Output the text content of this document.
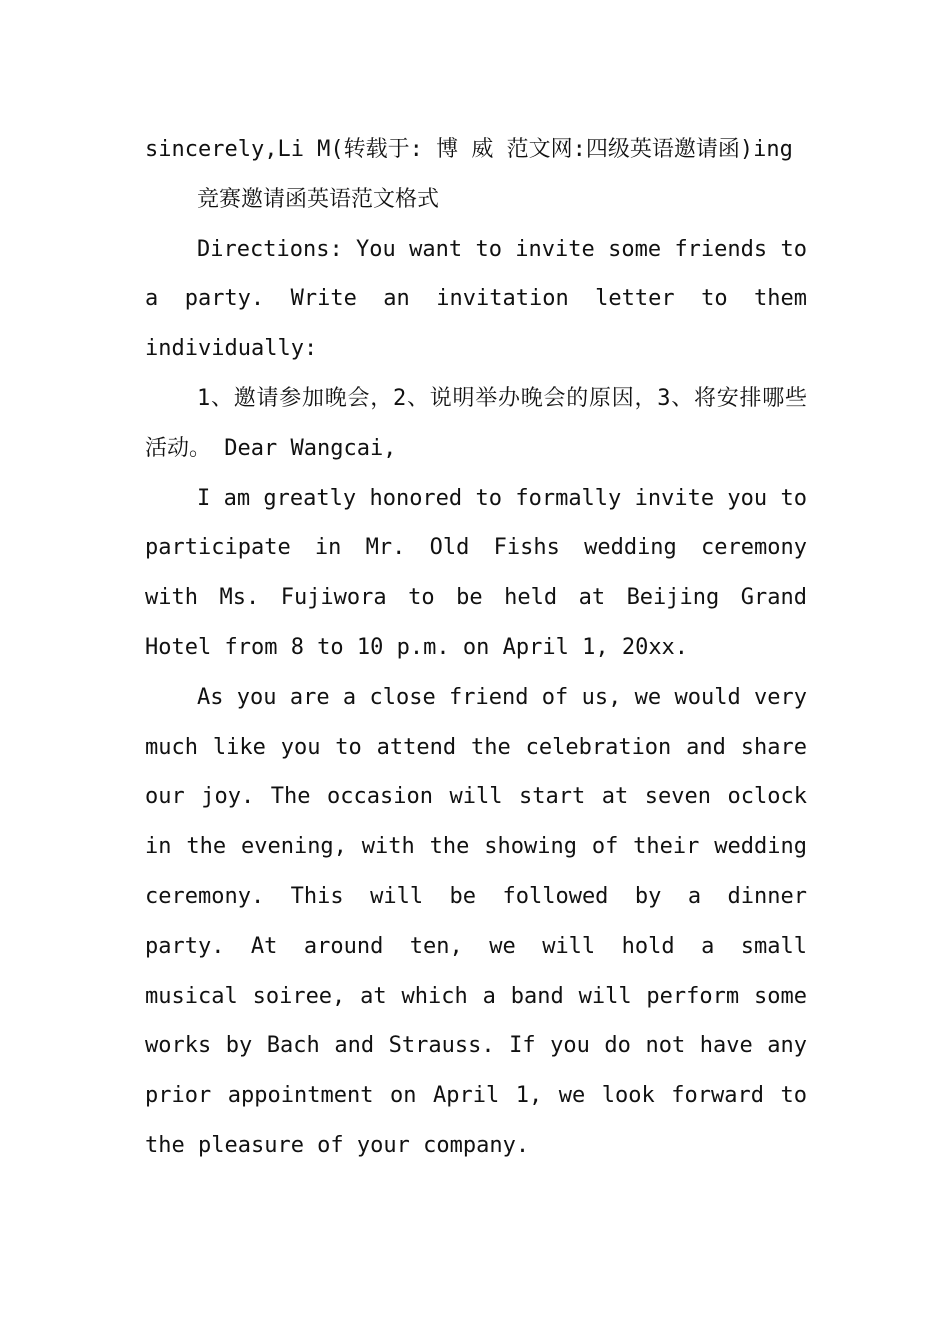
sincerely,Li M(转载于: 博 威 范文网:四级英语邀请函)ing

竞赛邀请函英语范文格式

Directions: You want to invite some friends to a party. Write an invitation letter to them individually:

1、邀请参加晚会，2、说明举办晚会的原因，3、将安排哪些活动。 Dear Wangcai,

I am greatly honored to formally invite you to participate in Mr. Old Fishs wedding ceremony with Ms. Fujiwora to be held at Beijing Grand Hotel from 8 to 10 p.m. on April 1, 20xx.

As you are a close friend of us, we would very much like you to attend the celebration and share our joy. The occasion will start at seven oclock in the evening, with the showing of their wedding ceremony. This will be followed by a dinner party. At around ten, we will hold a small musical soiree, at which a band will perform some works by Bach and Strauss. If you do not have any prior appointment on April 1, we look forward to the pleasure of your company.
